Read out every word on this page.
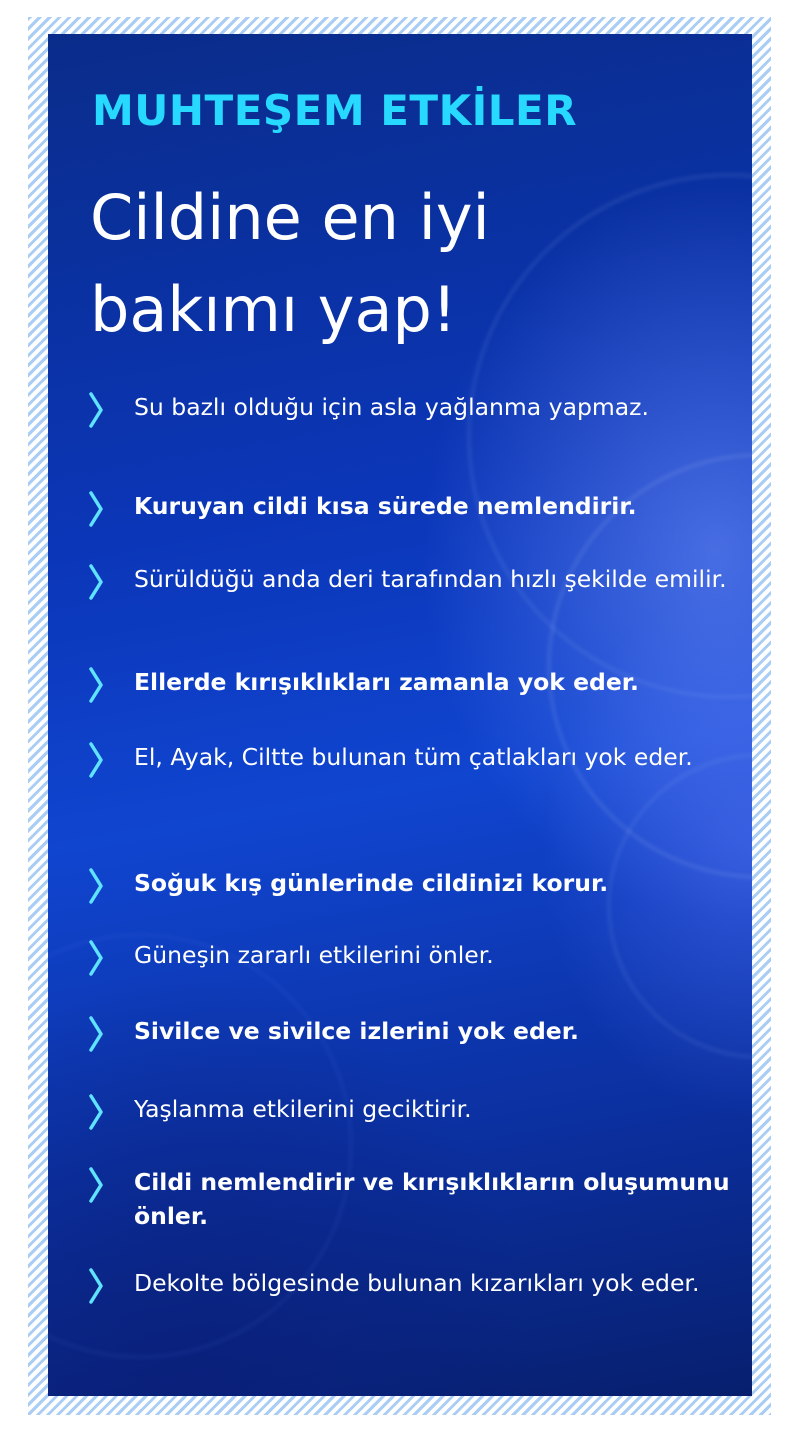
MUHTEŞEM ETKİLER
Cildine en iyi
bakımı yap!
Su bazlı olduğu için asla yağlanma yapmaz.
Kuruyan cildi kısa sürede nemlendirir.
Sürüldüğü anda deri tarafından hızlı şekilde emilir.
Ellerde kırışıklıkları zamanla yok eder.
El, Ayak, Ciltte bulunan tüm çatlakları yok eder.
Soğuk kış günlerinde cildinizi korur.
Güneşin zararlı etkilerini önler.
Sivilce ve sivilce izlerini yok eder.
Yaşlanma etkilerini geciktirir.
Cildi nemlendirir ve kırışıklıkların oluşumunu önler.
Dekolte bölgesinde bulunan kızarıkları yok eder.
